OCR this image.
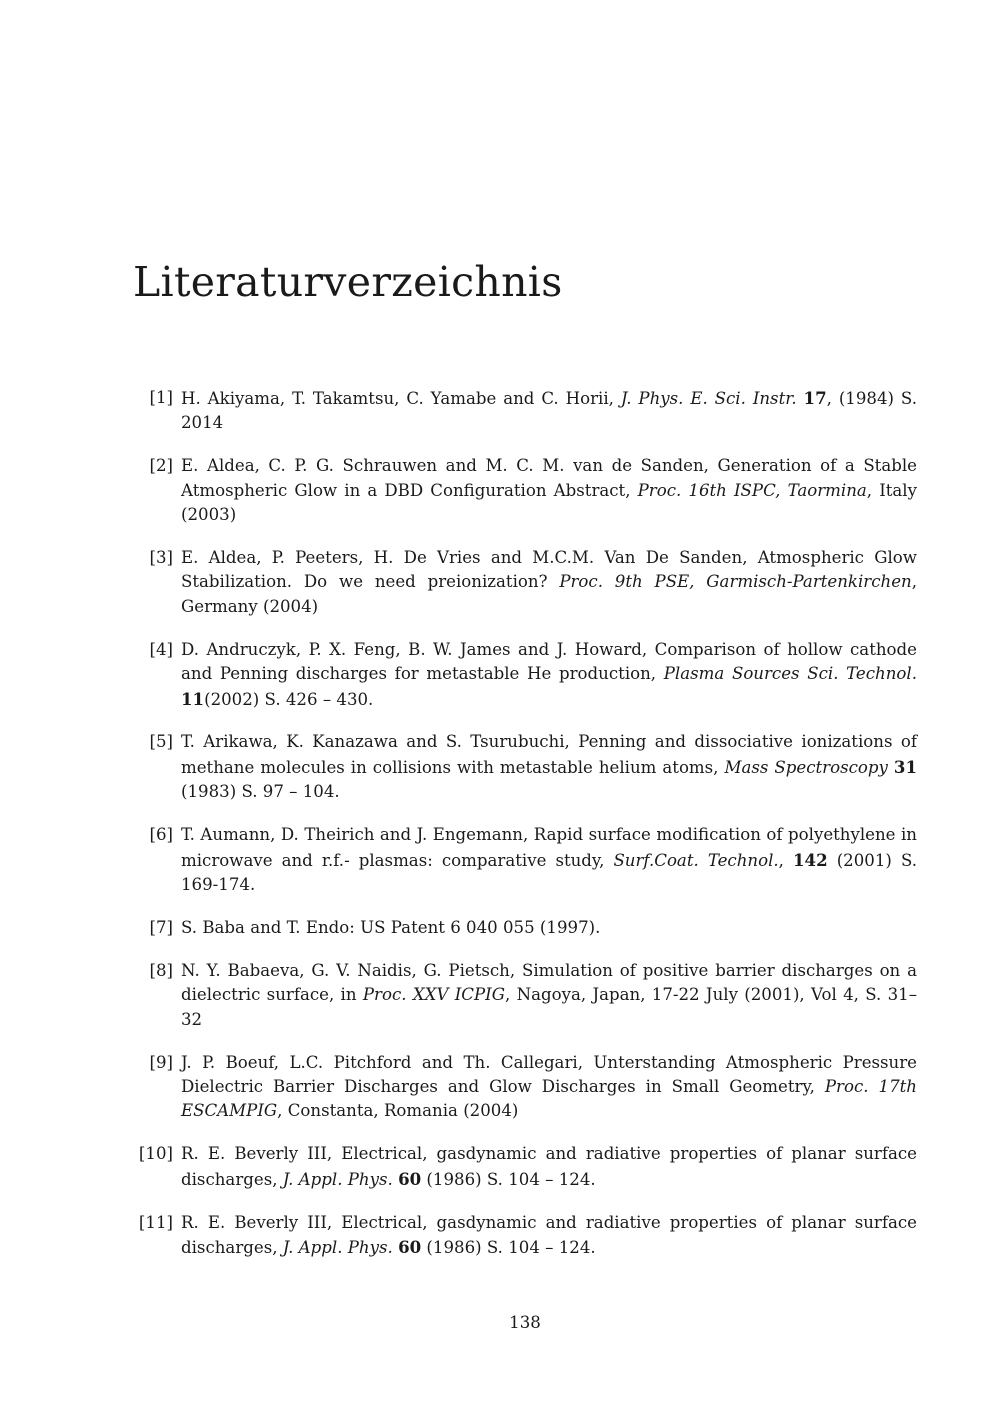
Literaturverzeichnis
[1] H. Akiyama, T. Takamtsu, C. Yamabe and C. Horii, J. Phys. E. Sci. Instr. 17, (1984) S. 2014
[2] E. Aldea, C. P. G. Schrauwen and M. C. M. van de Sanden, Generation of a Stable Atmospheric Glow in a DBD Configuration Abstract, Proc. 16th ISPC, Taormina, Italy (2003)
[3] E. Aldea, P. Peeters, H. De Vries and M.C.M. Van De Sanden, Atmospheric Glow Stabilization. Do we need preionization? Proc. 9th PSE, Garmisch-Partenkirchen, Germany (2004)
[4] D. Andruczyk, P. X. Feng, B. W. James and J. Howard, Comparison of hollow cathode and Penning discharges for metastable He production, Plasma Sources Sci. Technol. 11(2002) S. 426 – 430.
[5] T. Arikawa, K. Kanazawa and S. Tsurubuchi, Penning and dissociative ionizations of methane molecules in collisions with metastable helium atoms, Mass Spectroscopy 31 (1983) S. 97 – 104.
[6] T. Aumann, D. Theirich and J. Engemann, Rapid surface modification of polyethylene in microwave and r.f.- plasmas: comparative study, Surf.Coat. Technol., 142 (2001) S. 169-174.
[7] S. Baba and T. Endo: US Patent 6 040 055 (1997).
[8] N. Y. Babaeva, G. V. Naidis, G. Pietsch, Simulation of positive barrier discharges on a dielectric surface, in Proc. XXV ICPIG, Nagoya, Japan, 17-22 July (2001), Vol 4, S. 31–32
[9] J. P. Boeuf, L.C. Pitchford and Th. Callegari, Unterstanding Atmospheric Pressure Dielectric Barrier Discharges and Glow Discharges in Small Geometry, Proc. 17th ESCAMPIG, Constanta, Romania (2004)
[10] R. E. Beverly III, Electrical, gasdynamic and radiative properties of planar surface discharges, J. Appl. Phys. 60 (1986) S. 104 – 124.
[11] R. E. Beverly III, Electrical, gasdynamic and radiative properties of planar surface discharges, J. Appl. Phys. 60 (1986) S. 104 – 124.
138
